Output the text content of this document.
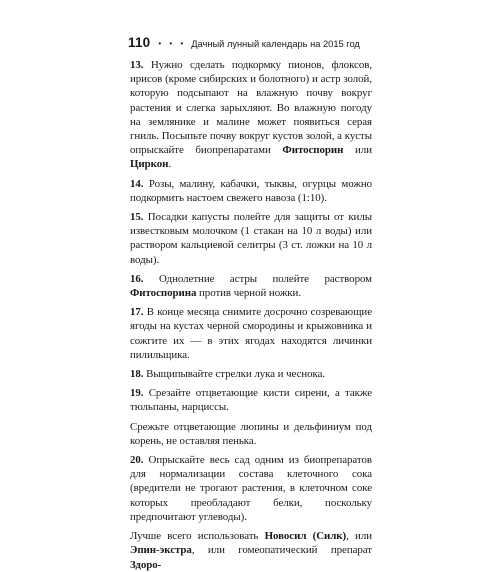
110 • • • Дачный лунный календарь на 2015 год

13. Нужно сделать подкормку пионов, флоксов, ирисов (кроме сибирских и болотного) и астр золой, которую подсыпают на влажную почву вокруг растения и слегка зарыхляют. Во влажную погоду на землянике и малине может появиться серая гниль. Посыпьте почву вокруг кустов золой, а кусты опрыскайте биопрепаратами Фитоспорин или Циркон.

14. Розы, малину, кабачки, тыквы, огурцы можно подкормить настоем свежего навоза (1:10).

15. Посадки капусты полейте для защиты от килы известковым молочком (1 стакан на 10 л воды) или раствором кальциевой селитры (3 ст. ложки на 10 л воды).

16. Однолетние астры полейте раствором Фитоспорина против черной ножки.

17. В конце месяца снимите досрочно созревающие ягоды на кустах черной смородины и крыжовника и сожгите их — в этих ягодах находятся личинки пилильщика.

18. Выщипывайте стрелки лука и чеснока.

19. Срезайте отцветающие кисти сирени, а также тюльпаны, нарциссы.

Срежьте отцветающие люпины и дельфиниум под корень, не оставляя пенька.

20. Опрыскайте весь сад одним из биопрепаратов для нормализации состава клеточного сока (вредители не трогают растения, в клеточном соке которых преобладают белки, поскольку предпочитают углеводы).

Лучше всего использовать Новосил (Силк), или Эпин-экстра, или гомеопатический препарат Здоро-
